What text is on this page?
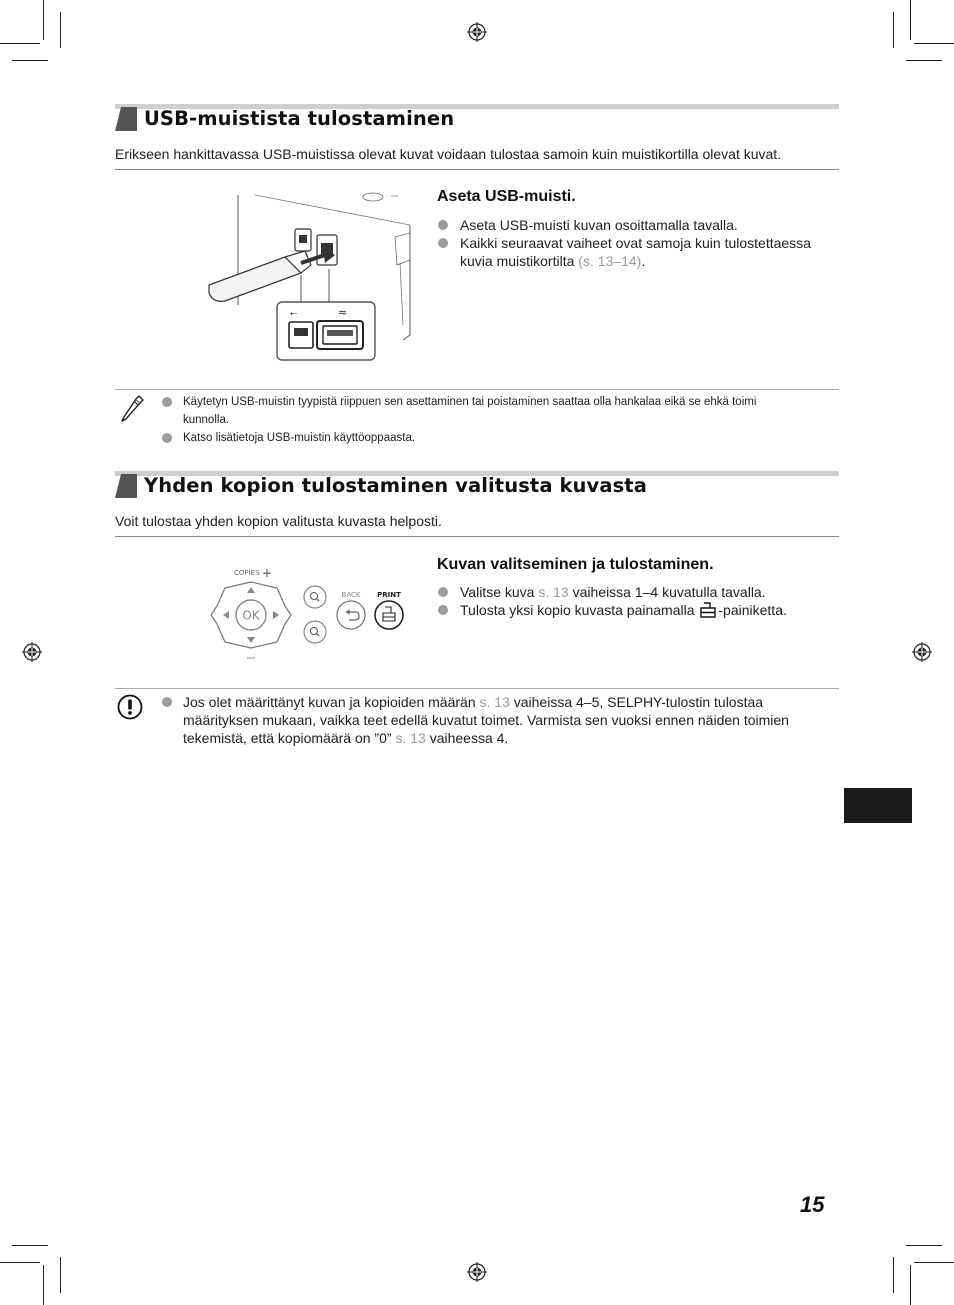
USB-muistista tulostaminen
Erikseen hankittavassa USB-muistissa olevat kuvat voidaan tulostaa samoin kuin muistikortilla olevat kuvat.
⭠	≈
Aseta USB-muisti.
Aseta USB-muisti kuvan osoittamalla tavalla.
Kaikki seuraavat vaiheet ovat samoja kuin tulostettaessa kuvia muistikortilta (s. 13–14).
Käytetyn USB-muistin tyypistä riippuen sen asettaminen tai poistaminen saattaa olla hankalaa eikä se ehkä toimi kunnolla.
Katso lisätietoja USB-muistin käyttöoppaasta.
Yhden kopion tulostaminen valitusta kuvasta
Voit tulostaa yhden kopion valitusta kuvasta helposti.
COPIES +
OK
BACK PRINT
Kuvan valitseminen ja tulostaminen.
Valitse kuva s. 13 vaiheissa 1–4 kuvatulla tavalla.
Tulosta yksi kopio kuvasta painamalla -painiketta.
Jos olet määrittänyt kuvan ja kopioiden määrän s. 13 vaiheissa 4–5, SELPHY-tulostin tulostaa määrityksen mukaan, vaikka teet edellä kuvatut toimet. Varmista sen vuoksi ennen näiden toimien tekemistä, että kopiomäärä on ”0” s. 13 vaiheessa 4.
15
